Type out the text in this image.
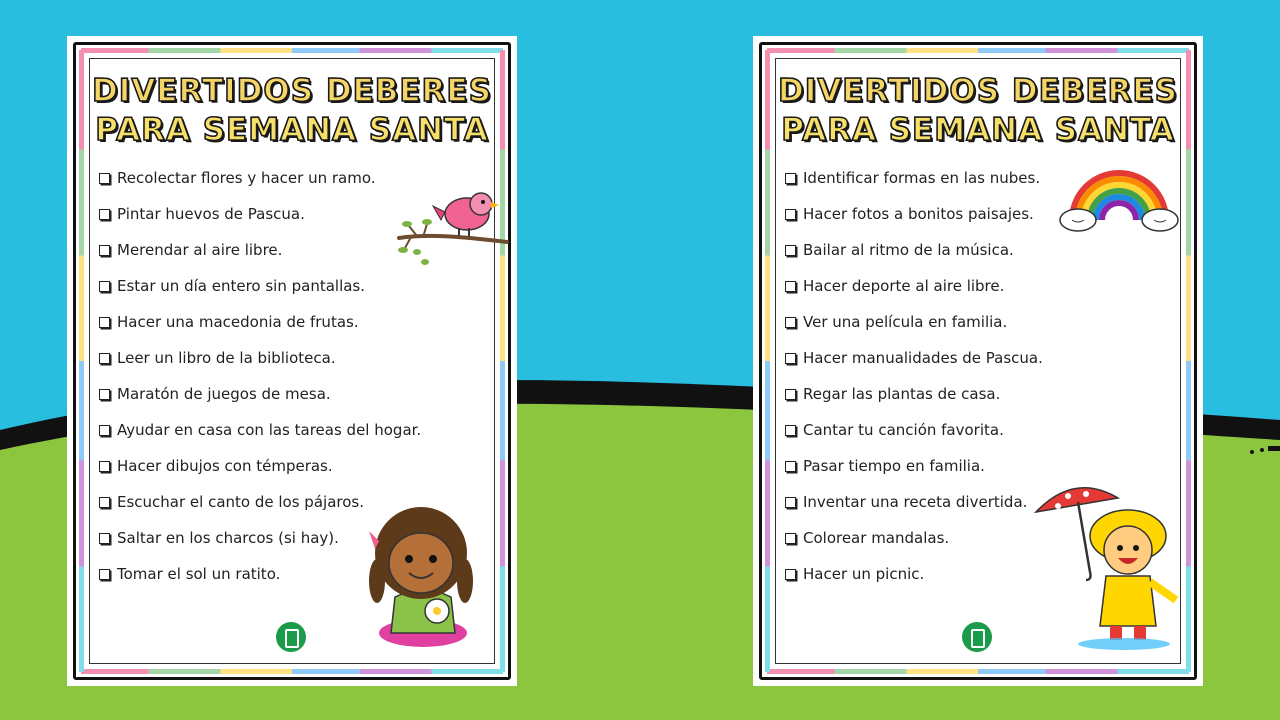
DIVERTIDOS DEBERES
PARA SEMANA SANTA
Recolectar flores y hacer un ramo.
Pintar huevos de Pascua.
Merendar al aire libre.
Estar un día entero sin pantallas.
Hacer una macedonia de frutas.
Leer un libro de la biblioteca.
Maratón de juegos de mesa.
Ayudar en casa con las tareas del hogar.
Hacer dibujos con témperas.
Escuchar el canto de los pájaros.
Saltar en los charcos (si hay).
Tomar el sol un ratito.
DIVERTIDOS DEBERES
PARA SEMANA SANTA
Identificar formas en las nubes.
Hacer fotos a bonitos paisajes.
Bailar al ritmo de la música.
Hacer deporte al aire libre.
Ver una película en familia.
Hacer manualidades de Pascua.
Regar las plantas de casa.
Cantar tu canción favorita.
Pasar tiempo en familia.
Inventar una receta divertida.
Colorear mandalas.
Hacer un picnic.
